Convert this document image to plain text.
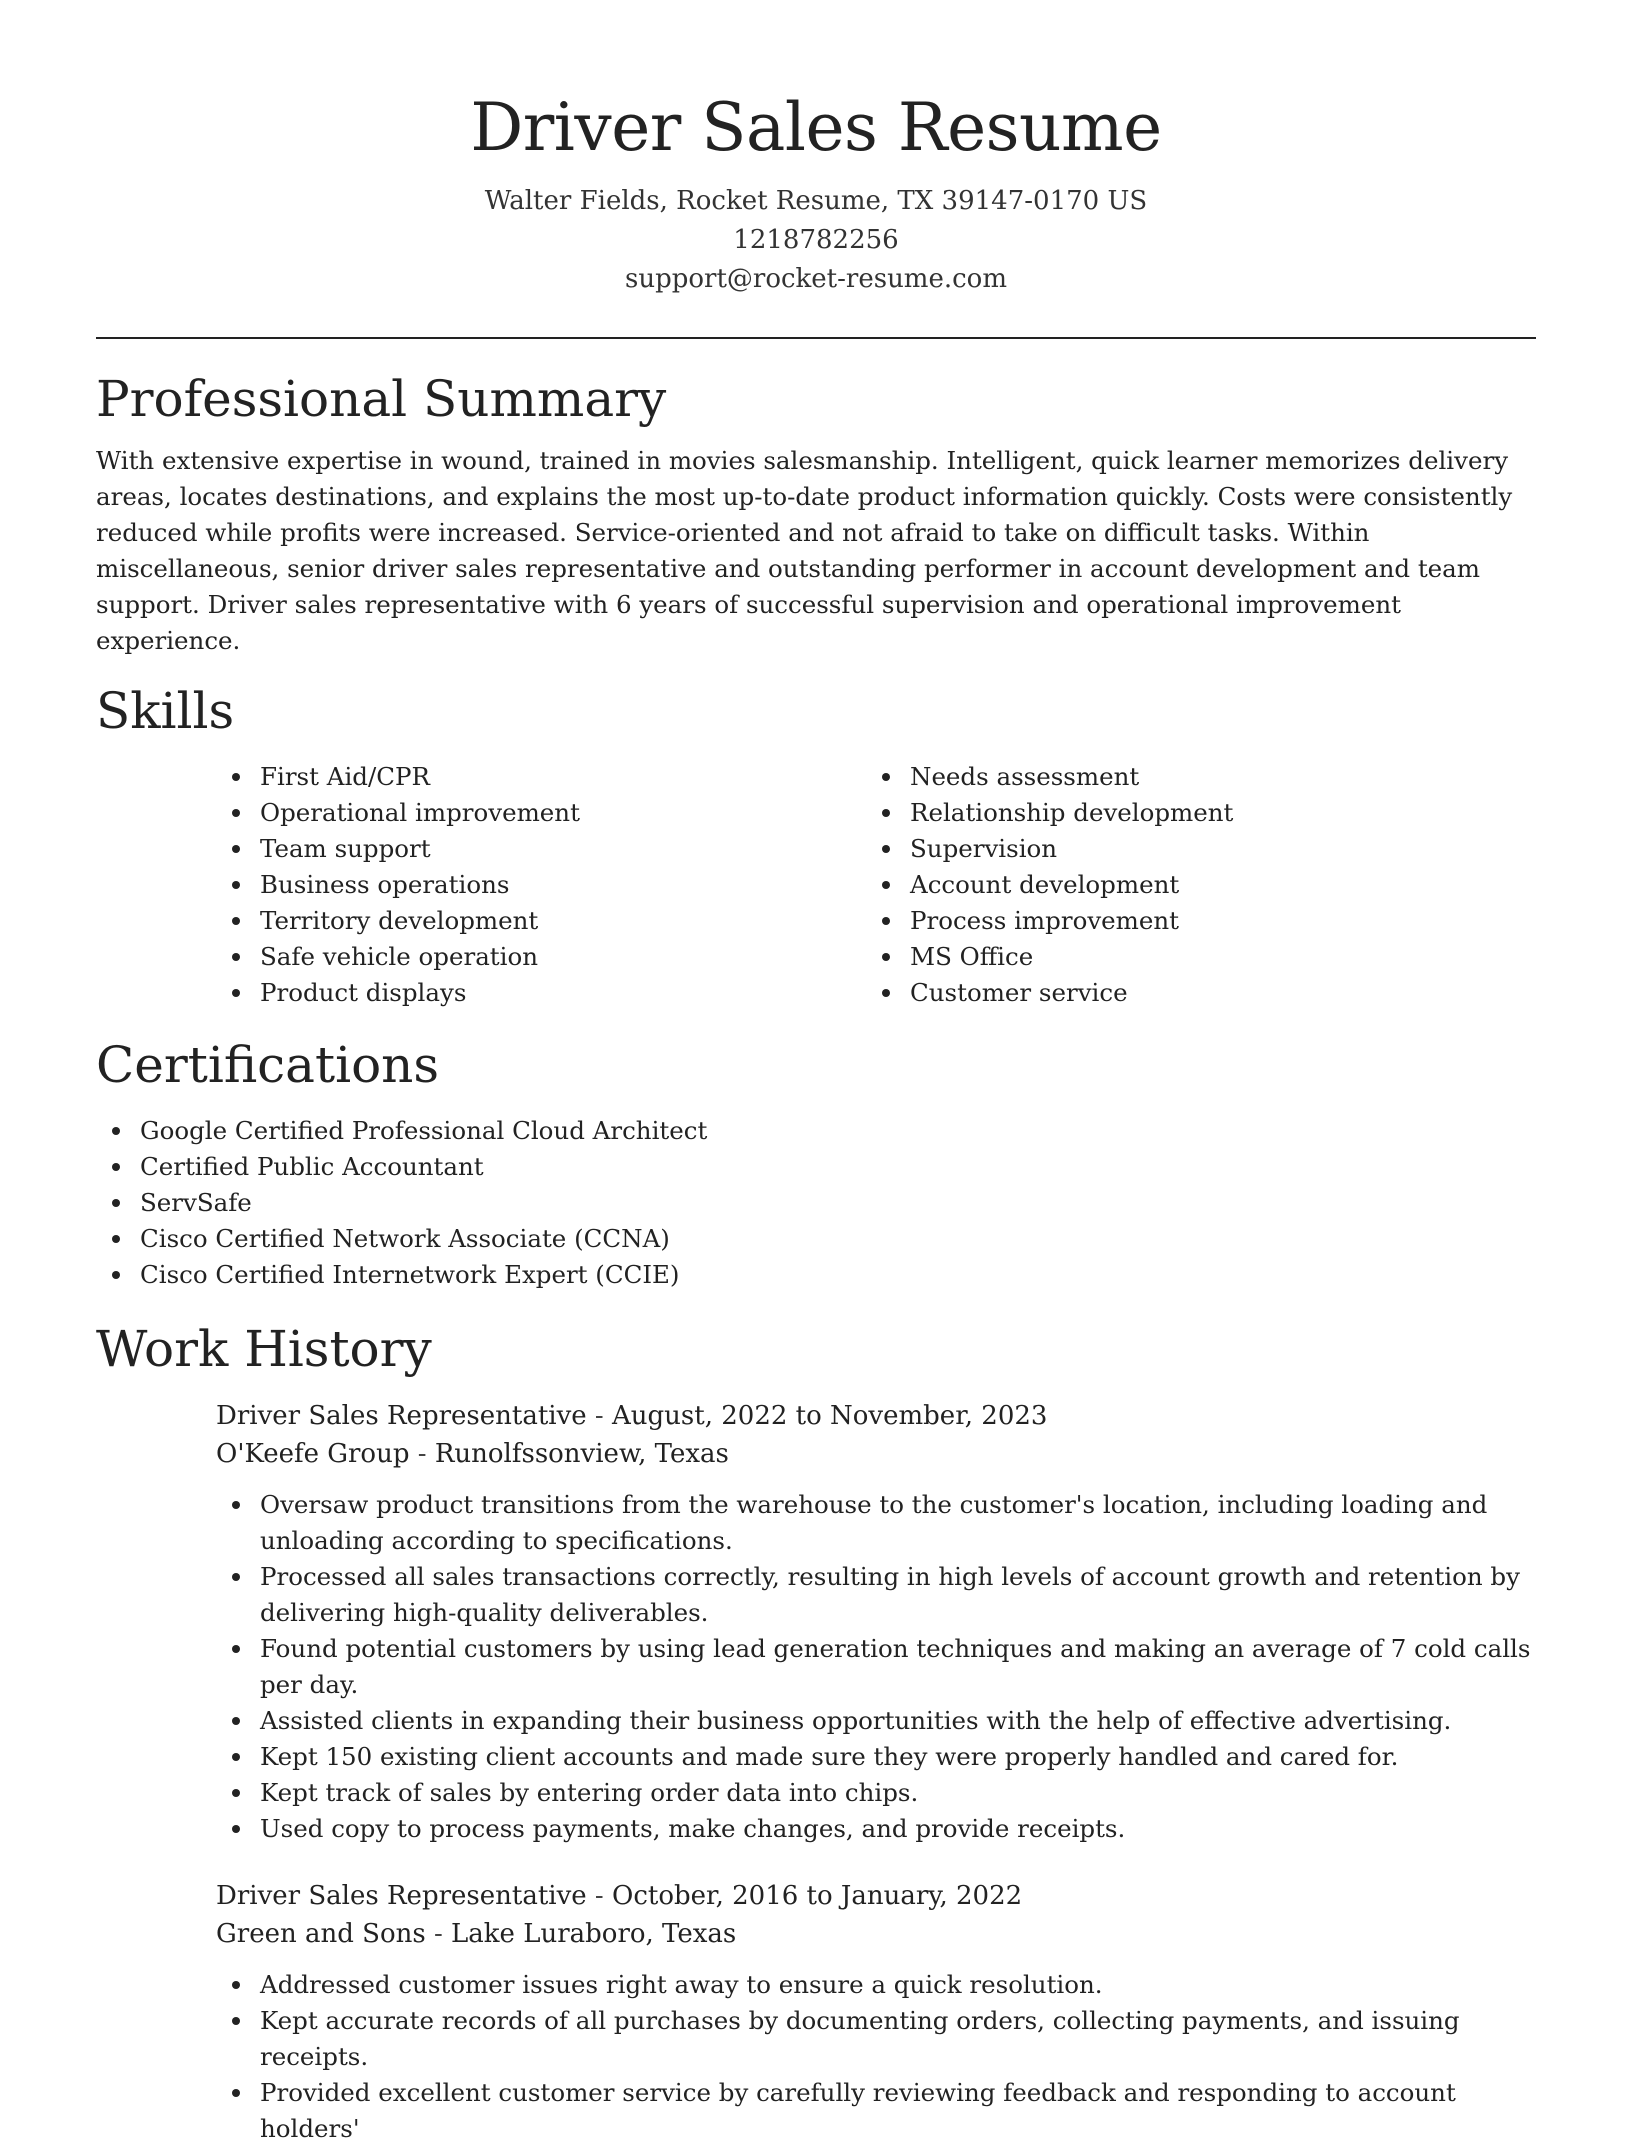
Driver Sales Resume
Walter Fields, Rocket Resume, TX 39147-0170 US
1218782256
support@rocket-resume.com
Professional Summary

With extensive expertise in wound, trained in movies salesmanship. Intelligent, quick learner memorizes delivery areas, locates destinations, and explains the most up-to-date product information quickly. Costs were consistently reduced while profits were increased. Service-oriented and not afraid to take on difficult tasks. Within miscellaneous, senior driver sales representative and outstanding performer in account development and team support. Driver sales representative with 6 years of successful supervision and operational improvement experience.

Skills
First Aid/CPR
Operational improvement
Team support
Business operations
Territory development
Safe vehicle operation
Product displays
Needs assessment
Relationship development
Supervision
Account development
Process improvement
MS Office
Customer service
Certifications
Google Certified Professional Cloud Architect
Certified Public Accountant
ServSafe
Cisco Certified Network Associate (CCNA)
Cisco Certified Internetwork Expert (CCIE)
Work History
Driver Sales Representative - August, 2022 to November, 2023
O'Keefe Group - Runolfssonview, Texas
Oversaw product transitions from the warehouse to the customer's location, including loading and unloading according to specifications.
Processed all sales transactions correctly, resulting in high levels of account growth and retention by delivering high-quality deliverables.
Found potential customers by using lead generation techniques and making an average of 7 cold calls per day.
Assisted clients in expanding their business opportunities with the help of effective advertising.
Kept 150 existing client accounts and made sure they were properly handled and cared for.
Kept track of sales by entering order data into chips.
Used copy to process payments, make changes, and provide receipts.
Driver Sales Representative - October, 2016 to January, 2022
Green and Sons - Lake Luraboro, Texas
Addressed customer issues right away to ensure a quick resolution.
Kept accurate records of all purchases by documenting orders, collecting payments, and issuing receipts.
Provided excellent customer service by carefully reviewing feedback and responding to account holders'
